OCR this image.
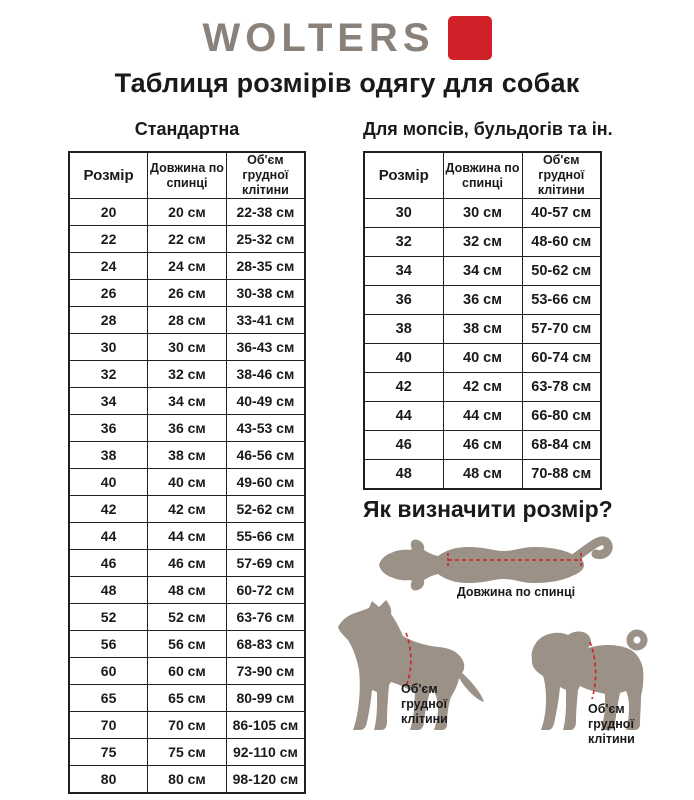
WOLTERS
Таблиця розмірів одягу для собак
Стандартна
Розмір	Довжина по спинці	Об'єм грудної клітини
20	20 см	22-38 см
22	22 см	25-32 см
24	24 см	28-35 см
26	26 см	30-38 см
28	28 см	33-41 см
30	30 см	36-43 см
32	32 см	38-46 см
34	34 см	40-49 см
36	36 см	43-53 см
38	38 см	46-56 см
40	40 см	49-60 см
42	42 см	52-62 см
44	44 см	55-66 см
46	46 см	57-69 см
48	48 см	60-72 см
52	52 см	63-76 см
56	56 см	68-83 см
60	60 см	73-90 см
65	65 см	80-99 см
70	70 см	86-105 см
75	75 см	92-110 см
80	80 см	98-120 см
Для мопсів, бульдогів та ін.
Розмір	Довжина по спинці	Об'єм грудної клітини
30	30 см	40-57 см
32	32 см	48-60 см
34	34 см	50-62 см
36	36 см	53-66 см
38	38 см	57-70 см
40	40 см	60-74 см
42	42 см	63-78 см
44	44 см	66-80 см
46	46 см	68-84 см
48	48 см	70-88 см
Як визначити розмір?
Довжина по спинці
Об'єм грудної клітини
Об'єм грудної клітини
